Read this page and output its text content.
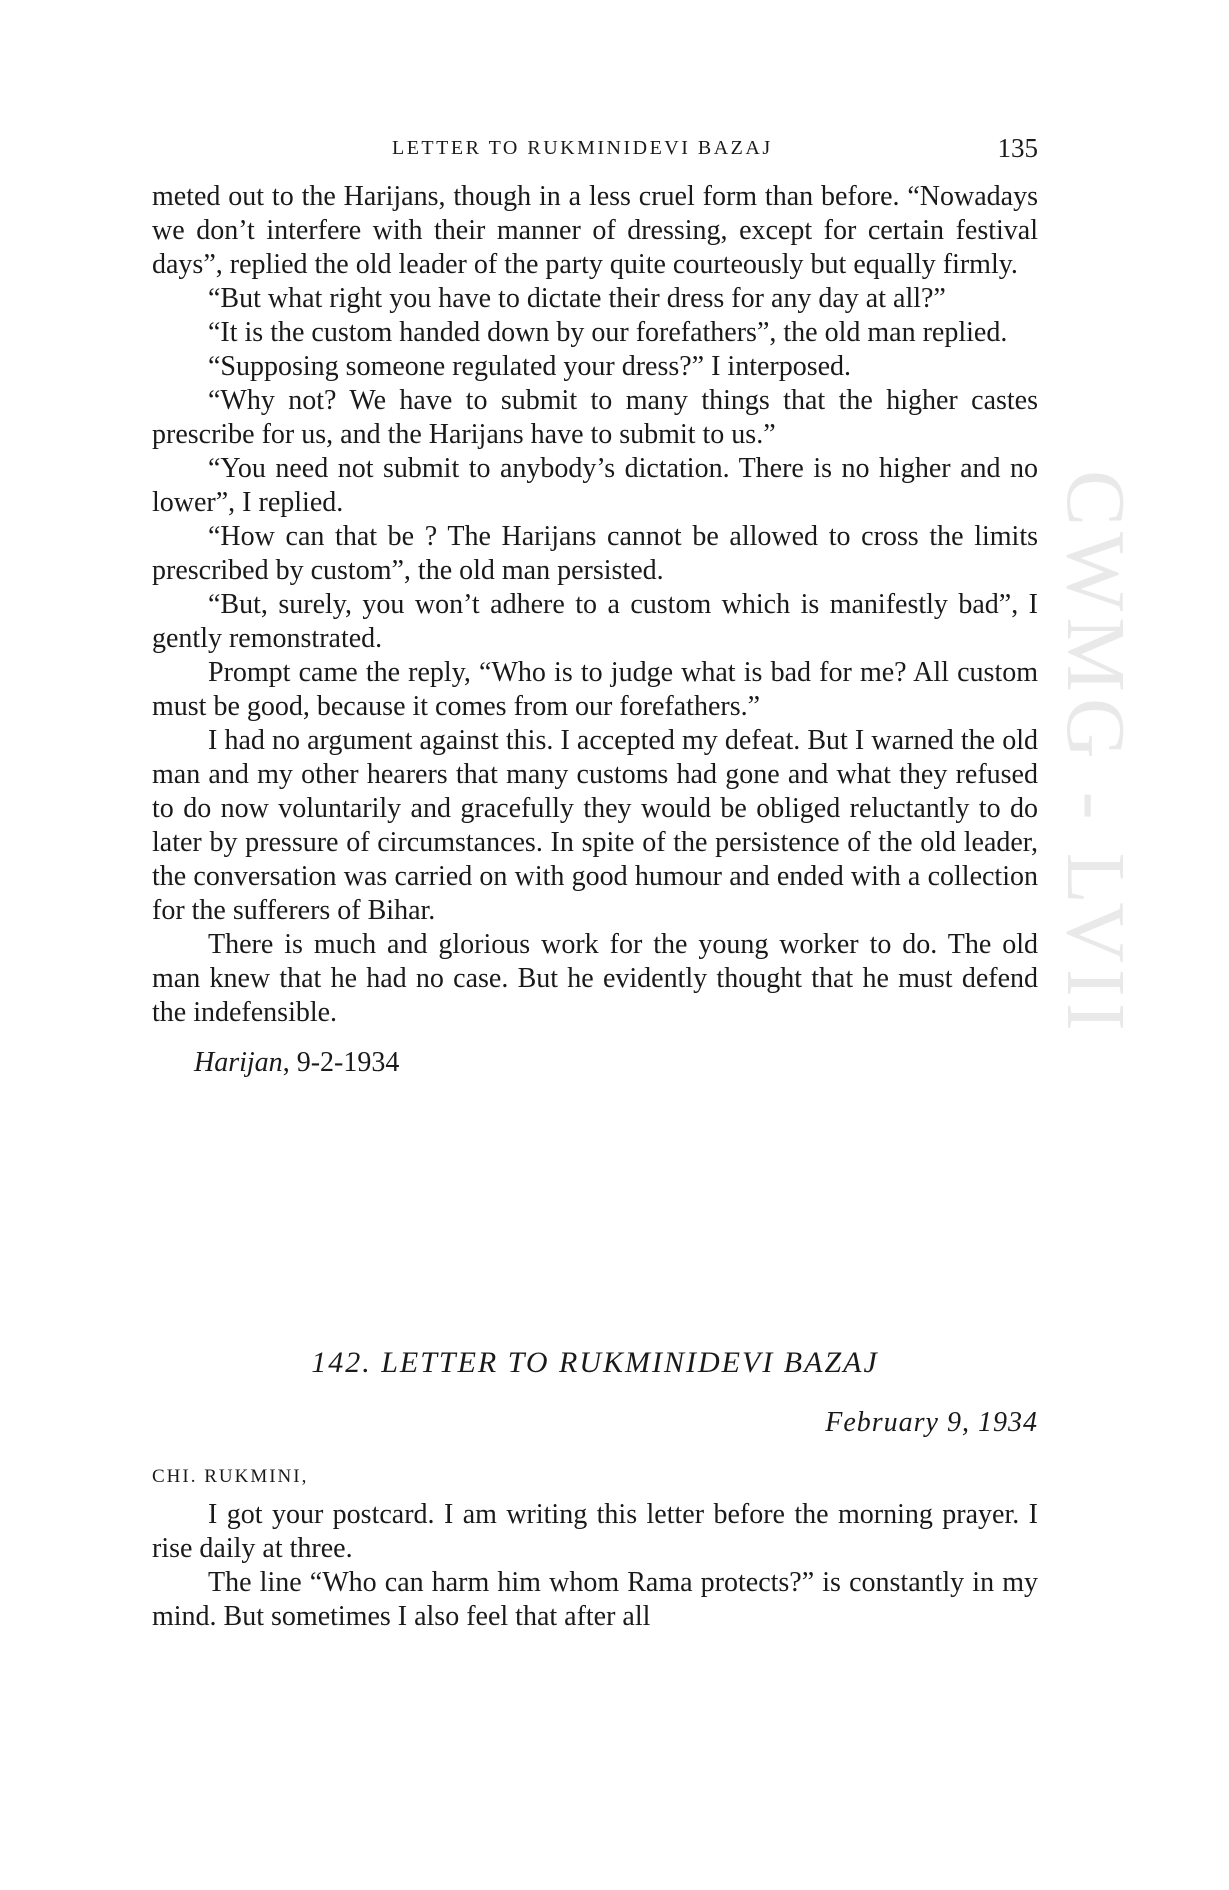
CWMG - LVII
LETTER TO RUKMINIDEVI BAZAJ	135

meted out to the Harijans, though in a less cruel form than before. “Nowadays we don’t interfere with their manner of dressing, except for certain festival days”, replied the old leader of the party quite courteously but equally firmly.

“But what right you have to dictate their dress for any day at all?”

“It is the custom handed down by our forefathers”, the old man replied.

“Supposing someone regulated your dress?” I interposed.

“Why not? We have to submit to many things that the higher castes prescribe for us, and the Harijans have to submit to us.”

“You need not submit to anybody’s dictation. There is no higher and no lower”, I replied.

“How can that be ? The Harijans cannot be allowed to cross the limits prescribed by custom”, the old man persisted.

“But, surely, you won’t adhere to a custom which is manifestly bad”, I gently remonstrated.

Prompt came the reply, “Who is to judge what is bad for me? All custom must be good, because it comes from our forefathers.”

I had no argument against this. I accepted my defeat. But I warned the old man and my other hearers that many customs had gone and what they refused to do now voluntarily and gracefully they would be obliged reluctantly to do later by pressure of circumstances. In spite of the persistence of the old leader, the conversation was carried on with good humour and ended with a collection for the sufferers of Bihar.

There is much and glorious work for the young worker to do. The old man knew that he had no case. But he evidently thought that he must defend the indefensible.

Harijan, 9-2-1934

142. LETTER TO RUKMINIDEVI BAZAJ
February 9, 1934

CHI. RUKMINI,

I got your postcard. I am writing this letter before the morning prayer. I rise daily at three.

The line “Who can harm him whom Rama protects?” is constantly in my mind. But sometimes I also feel that after all
